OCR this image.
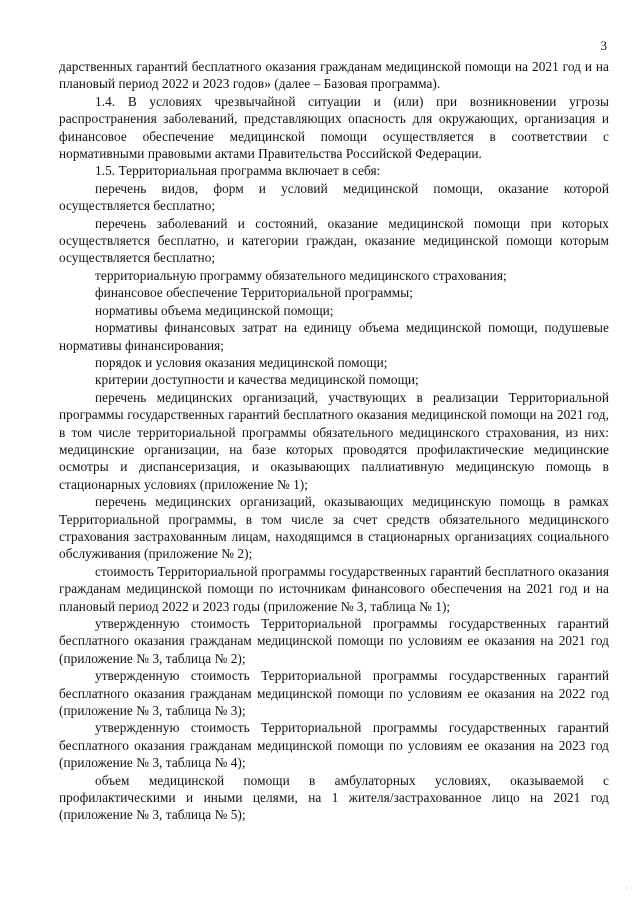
3

дарственных гарантий бесплатного оказания гражданам медицинской помощи на 2021 год и на плановый период 2022 и 2023 годов» (далее – Базовая программа).

1.4. В условиях чрезвычайной ситуации и (или) при возникновении угрозы распространения заболеваний, представляющих опасность для окружающих, организация и финансовое обеспечение медицинской помощи осуществляется в соответствии с нормативными правовыми актами Правительства Российской Федерации.

1.5. Территориальная программа включает в себя:

перечень видов, форм и условий медицинской помощи, оказание которой осуществляется бесплатно;

перечень заболеваний и состояний, оказание медицинской помощи при которых осуществляется бесплатно, и категории граждан, оказание медицинской помощи которым осуществляется бесплатно;

территориальную программу обязательного медицинского страхования;

финансовое обеспечение Территориальной программы;

нормативы объема медицинской помощи;

нормативы финансовых затрат на единицу объема медицинской помощи, подушевые нормативы финансирования;

порядок и условия оказания медицинской помощи;

критерии доступности и качества медицинской помощи;

перечень медицинских организаций, участвующих в реализации Территориальной программы государственных гарантий бесплатного оказания медицинской помощи на 2021 год, в том числе территориальной программы обязательного медицинского страхования, из них: медицинские организации, на базе которых проводятся профилактические медицинские осмотры и диспансеризация, и оказывающих паллиативную медицинскую помощь в стационарных условиях (приложение № 1);

перечень медицинских организаций, оказывающих медицинскую помощь в рамках Территориальной программы, в том числе за счет средств обязательного медицинского страхования застрахованным лицам, находящимся в стационарных организациях социального обслуживания (приложение № 2);

стоимость Территориальной программы государственных гарантий бесплатного оказания гражданам медицинской помощи по источникам финансового обеспечения на 2021 год и на плановый период 2022 и 2023 годы (приложение № 3, таблица № 1);

утвержденную стоимость Территориальной программы государственных гарантий бесплатного оказания гражданам медицинской помощи по условиям ее оказания на 2021 год (приложение № 3, таблица № 2);

утвержденную стоимость Территориальной программы государственных гарантий бесплатного оказания гражданам медицинской помощи по условиям ее оказания на 2022 год (приложение № 3, таблица № 3);

утвержденную стоимость Территориальной программы государственных гарантий бесплатного оказания гражданам медицинской помощи по условиям ее оказания на 2023 год (приложение № 3, таблица № 4);

объем медицинской помощи в амбулаторных условиях, оказываемой с профилактическими и иными целями, на 1 жителя/застрахованное лицо на 2021 год (приложение № 3, таблица № 5);

·
